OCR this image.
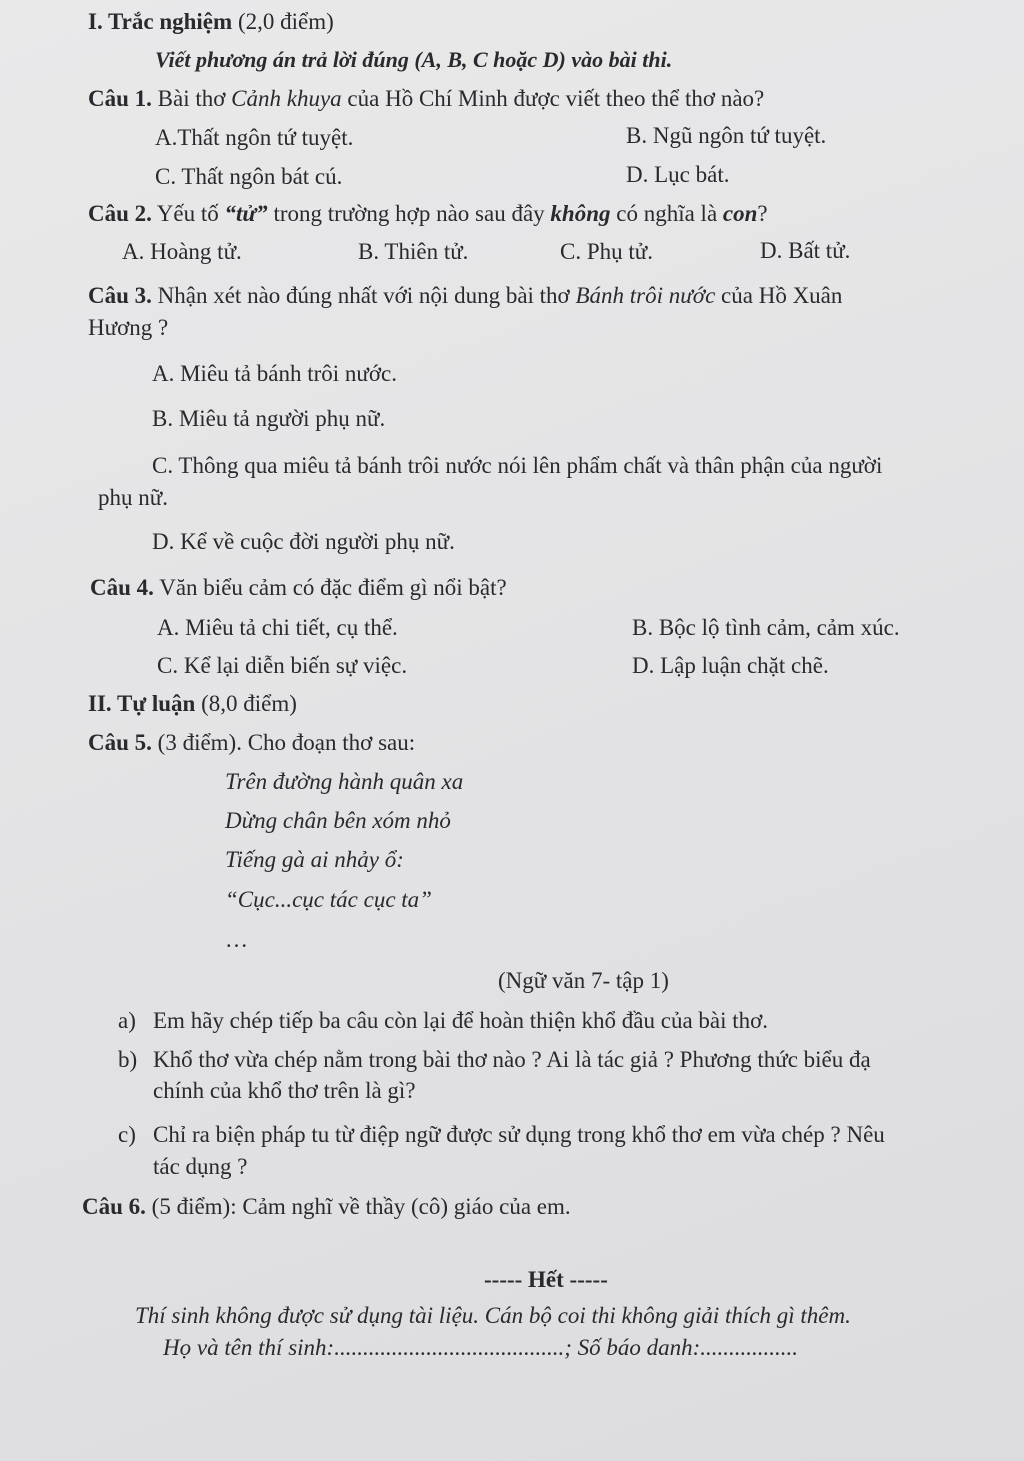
I. Trắc nghiệm (2,0 điểm)
Viết phương án trả lời đúng (A, B, C hoặc D) vào bài thi.
Câu 1. Bài thơ Cảnh khuya của Hồ Chí Minh được viết theo thể thơ nào?
A.Thất ngôn tứ tuyệt.	B. Ngũ ngôn tứ tuyệt.
C. Thất ngôn bát cú.	D. Lục bát.
Câu 2. Yếu tố “tử” trong trường hợp nào sau đây không có nghĩa là con?
A. Hoàng tử.	B. Thiên tử.	C. Phụ tử.	D. Bất tử.
Câu 3. Nhận xét nào đúng nhất với nội dung bài thơ Bánh trôi nước của Hồ Xuân
Hương ?
A. Miêu tả bánh trôi nước.
B. Miêu tả người phụ nữ.
C. Thông qua miêu tả bánh trôi nước nói lên phẩm chất và thân phận của người
phụ nữ.
D. Kể về cuộc đời người phụ nữ.
Câu 4. Văn biểu cảm có đặc điểm gì nổi bật?
A. Miêu tả chi tiết, cụ thể.	B. Bộc lộ tình cảm, cảm xúc.
C. Kể lại diễn biến sự việc.	D. Lập luận chặt chẽ.
II. Tự luận (8,0 điểm)
Câu 5. (3 điểm). Cho đoạn thơ sau:
Trên đường hành quân xa
Dừng chân bên xóm nhỏ
Tiếng gà ai nhảy ổ:
“Cục...cục tác cục ta”
…
(Ngữ văn 7- tập 1)
a) Em hãy chép tiếp ba câu còn lại để hoàn thiện khổ đầu của bài thơ.
b) Khổ thơ vừa chép nằm trong bài thơ nào ? Ai là tác giả ? Phương thức biểu đạ
chính của khổ thơ trên là gì?
c) Chỉ ra biện pháp tu từ điệp ngữ được sử dụng trong khổ thơ em vừa chép ? Nêu
tác dụng ?
Câu 6. (5 điểm): Cảm nghĩ về thầy (cô) giáo của em.
----- Hết -----
Thí sinh không được sử dụng tài liệu. Cán bộ coi thi không giải thích gì thêm.
Họ và tên thí sinh:........................................; Số báo danh:.................
